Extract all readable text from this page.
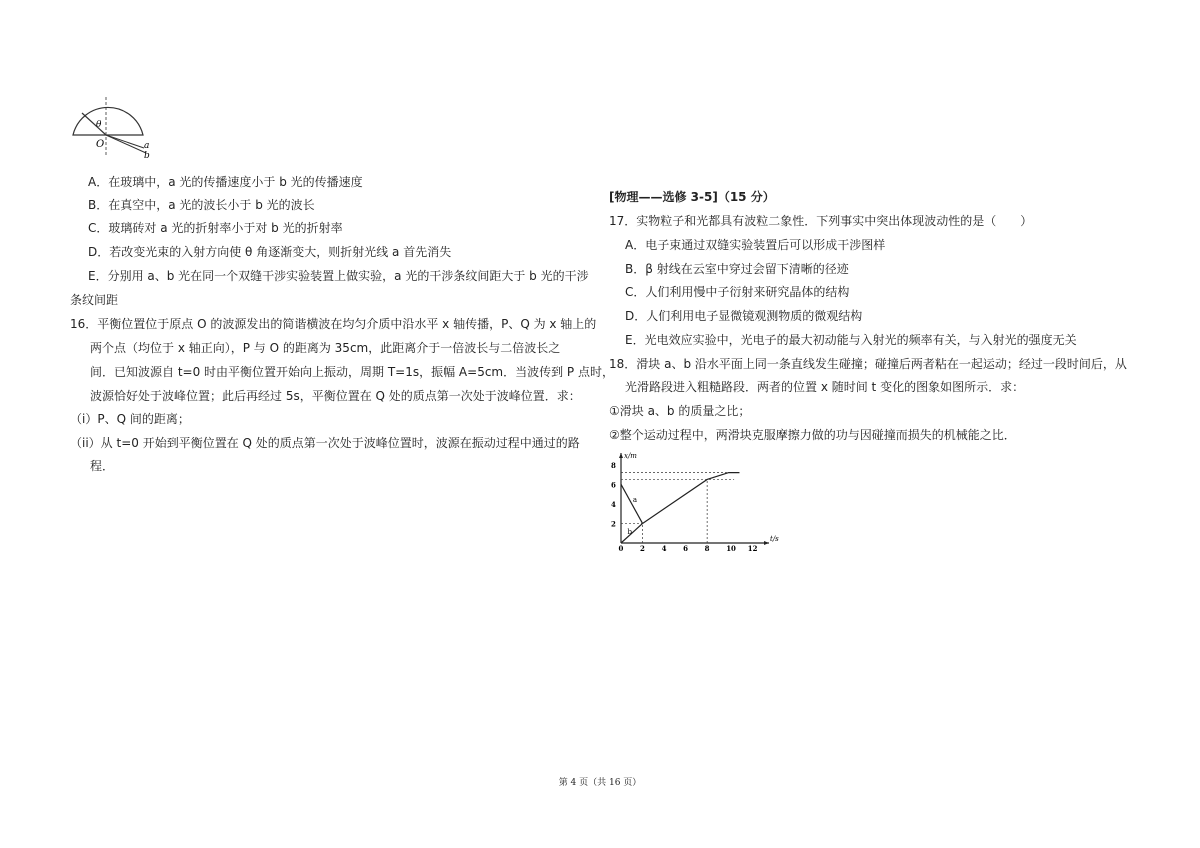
θ
O	a
b
A．在玻璃中，a 光的传播速度小于 b 光的传播速度
B．在真空中，a 光的波长小于 b 光的波长
C．玻璃砖对 a 光的折射率小于对 b 光的折射率
D．若改变光束的入射方向使 θ 角逐渐变大，则折射光线 a 首先消失
E．分别用 a、b 光在同一个双缝干涉实验装置上做实验，a 光的干涉条纹间距大于 b 光的干涉
条纹间距
16．平衡位置位于原点 O 的波源发出的简谐横波在均匀介质中沿水平 x 轴传播，P、Q 为 x 轴上的
两个点（均位于 x 轴正向），P 与 O 的距离为 35cm，此距离介于一倍波长与二倍波长之
间．已知波源自 t=0 时由平衡位置开始向上振动，周期 T=1s，振幅 A=5cm．当波传到 P 点时，
波源恰好处于波峰位置；此后再经过 5s，平衡位置在 Q 处的质点第一次处于波峰位置．求：
（i）P、Q 间的距离；
（ii）从 t=0 开始到平衡位置在 Q 处的质点第一次处于波峰位置时，波源在振动过程中通过的路
程．
[物理——选修 3-5]（15 分）
17．实物粒子和光都具有波粒二象性．下列事实中突出体现波动性的是（　　）
A．电子束通过双缝实验装置后可以形成干涉图样
B．β 射线在云室中穿过会留下清晰的径迹
C．人们利用慢中子衍射来研究晶体的结构
D．人们利用电子显微镜观测物质的微观结构
E．光电效应实验中，光电子的最大初动能与入射光的频率有关，与入射光的强度无关
18．滑块 a、b 沿水平面上同一条直线发生碰撞；碰撞后两者粘在一起运动；经过一段时间后，从
光滑路段进入粗糙路段．两者的位置 x 随时间 t 变化的图象如图所示．求：
①滑块 a、b 的质量之比；
②整个运动过程中，两滑块克服摩擦力做的功与因碰撞而损失的机械能之比．
x/m
t/s
0 2 4 6 8 10 12
2
4
6
8
a
b
第 4 页（共 16 页）
